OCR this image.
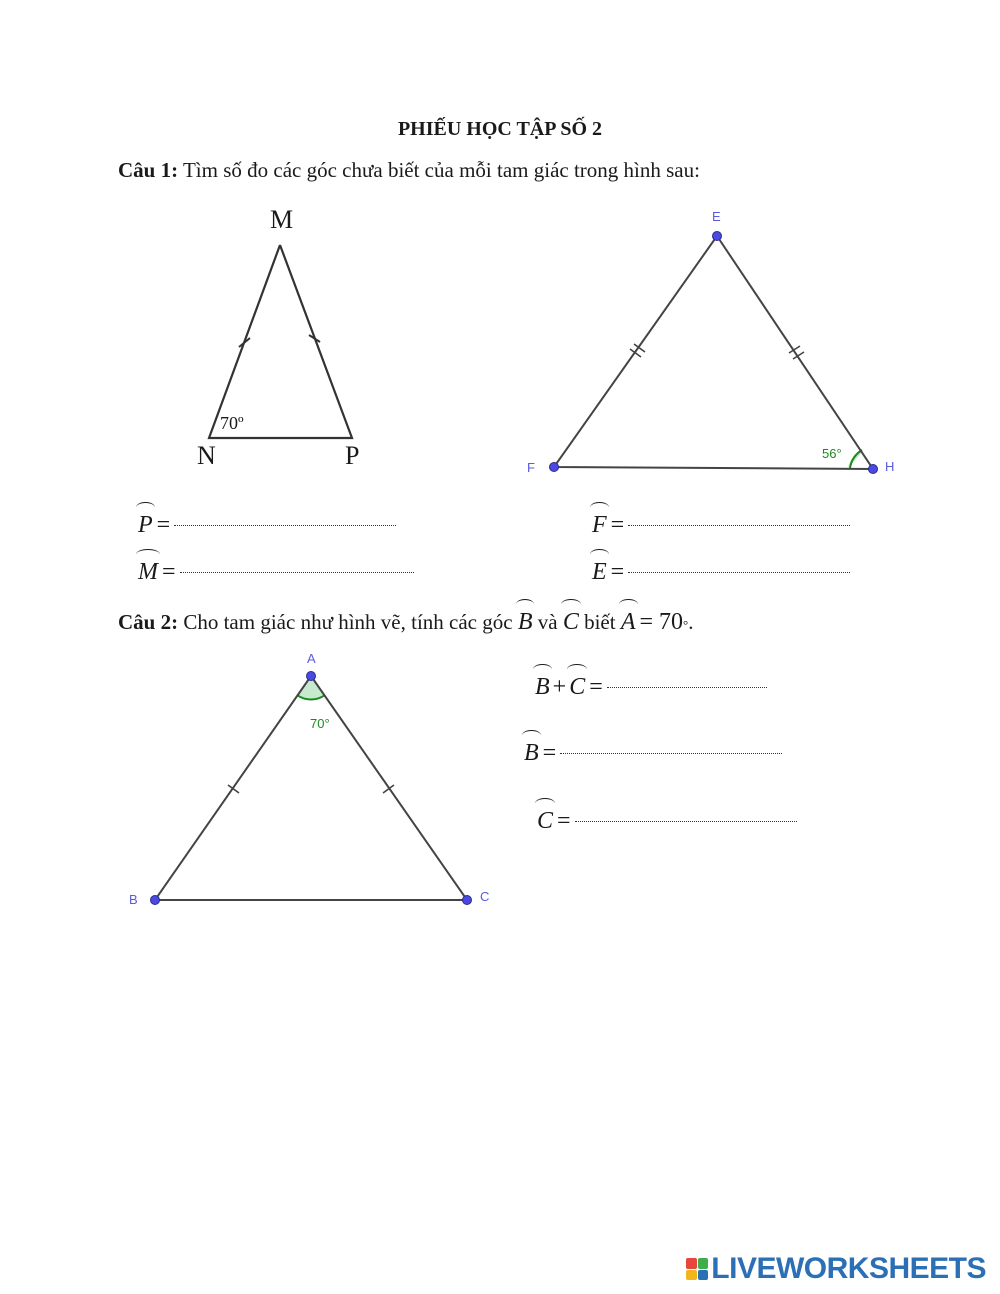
PHIẾU HỌC TẬP SỐ 2
Câu 1: Tìm số đo các góc chưa biết của mỗi tam giác trong hình sau:
M
N	P
70º
E
F	H
56°
P =
M =
F =
E =
Câu 2: Cho tam giác như hình vẽ, tính các góc B và C biết A = 70 ° .
A
B	C
70°
B + C =
B =
C =
LIVEWORKSHEETS
